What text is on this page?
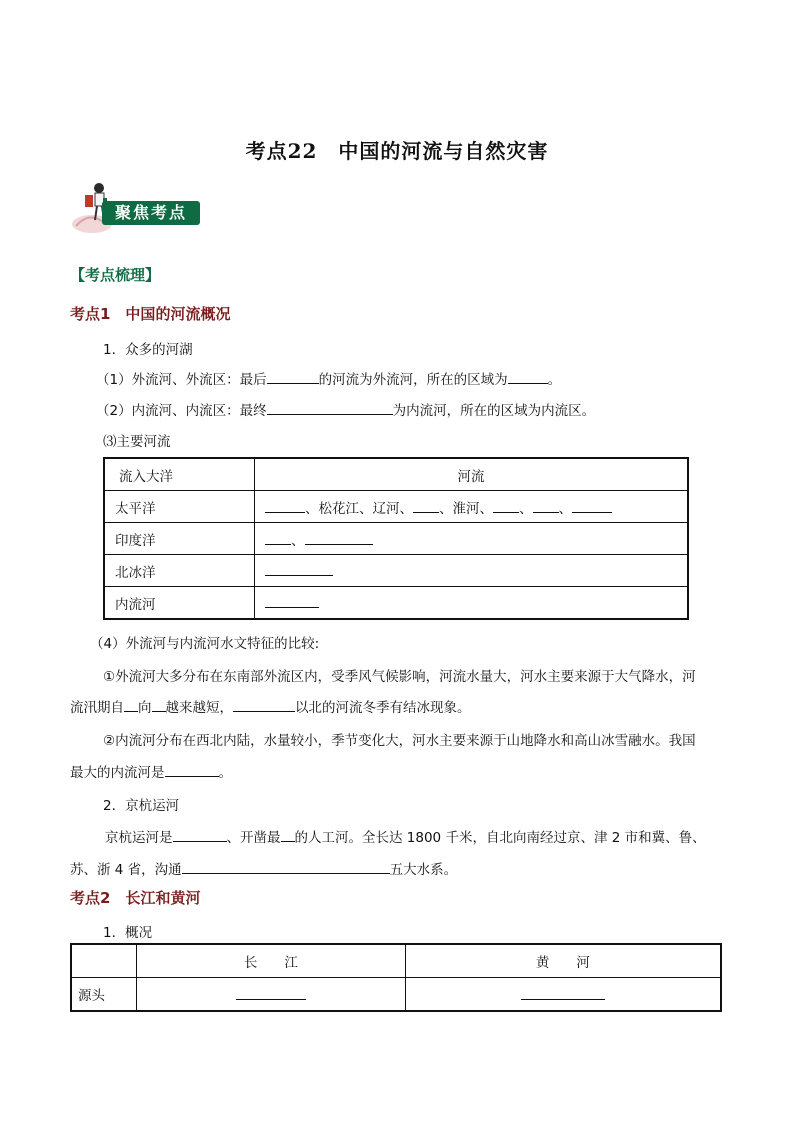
考点22　中国的河流与自然灾害
聚焦考点
【考点梳理】
考点1　中国的河流概况
1．众多的河湖
（1）外流河、外流区：最后	的河流为外流河，所在的区域为	。
（2）内流河、内流区：最终	为内流河，所在的区域为内流区。
⑶主要河流
流入大洋	河流
太平洋	、松花江、辽河、 、淮河、 、 、
印度洋	、
北冰洋	
内流河	
（4）外流河与内流河水文特征的比较:
①外流河大多分布在东南部外流区内，受季风气候影响，河流水量大，河水主要来源于大气降水，河
流汛期自 向 越来越短，	以北的河流冬季有结冰现象。
②内流河分布在西北内陆，水量较小，季节变化大，河水主要来源于山地降水和高山冰雪融水。我国
最大的内流河是	。
2．京杭运河
京杭运河是	、开凿最 的人工河。全长达 1800 千米，自北向南经过京、津 2 市和冀、鲁、
苏、浙 4 省，沟通	五大水系。
考点2　长江和黄河
1．概况
	长　　江	黄　　河
源头		
